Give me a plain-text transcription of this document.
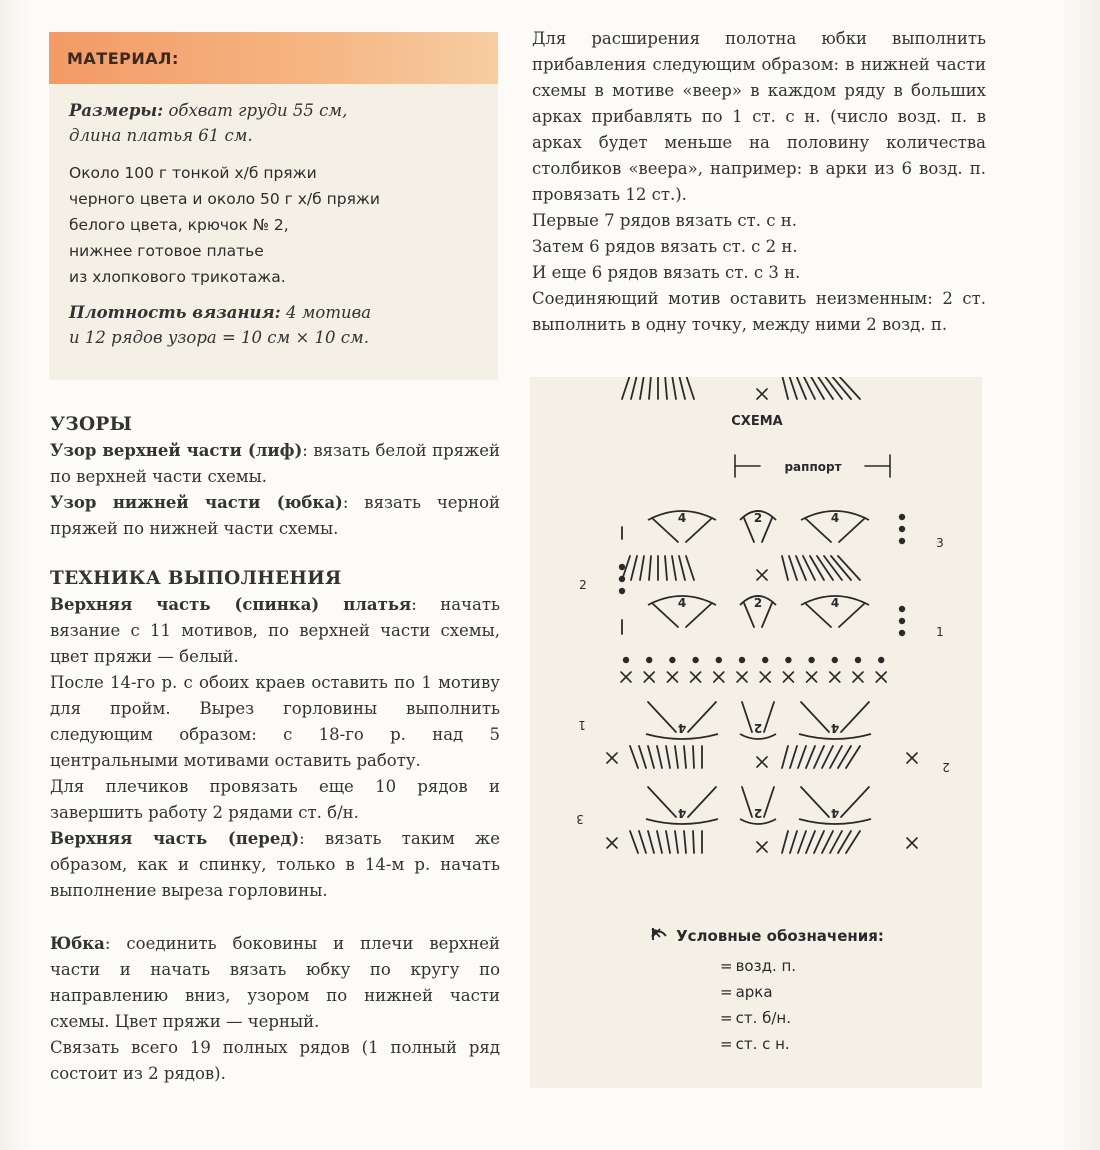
МАТЕРИАЛ:
Размеры: обхват груди 55 см,
длина платья 61 см.
Около 100 г тонкой х/б пряжи
черного цвета и около 50 г х/б пряжи
белого цвета, крючок № 2,
нижнее готовое платье
из хлопкового трикотажа.
Плотность вязания: 4 мотива
и 12 рядов узора = 10 см × 10 см.
УЗОРЫ

Узор верхней части (лиф): вязать белой пряжей по верхней части схемы.

Узор нижней части (юбка): вязать черной пряжей по нижней части схемы.

ТЕХНИКА ВЫПОЛНЕНИЯ

Верхняя часть (спинка) платья: начать вязание с 11 мотивов, по верхней части схемы, цвет пряжи — белый.

После 14-го р. с обоих краев оставить по 1 мотиву для пройм. Вырез горловины выполнить следующим образом: с 18-го р. над 5 центральными мотивами оставить работу.

Для плечиков провязать еще 10 рядов и завершить работу 2 рядами ст. б/н.

Верхняя часть (перед): вязать таким же образом, как и спинку, только в 14-м р. начать выполнение выреза горловины.

Юбка: соединить боковины и плечи верхней части и начать вязать юбку по кругу по направлению вниз, узором по нижней части схемы. Цвет пряжи — черный.

Связать всего 19 полных рядов (1 полный ряд состоит из 2 рядов).

Для расширения полотна юбки выполнить прибавления следующим образом: в нижней части схемы в мотиве «веер» в каждом ряду в больших арках прибавлять по 1 ст. с н. (число возд. п. в арках будет меньше на половину количества столбиков «веера», например: в арки из 6 возд. п. провязать 12 ст.).

Первые 7 рядов вязать ст. с н.

Затем 6 рядов вязать ст. с 2 н.

И еще 6 рядов вязать ст. с 3 н.

Соединяющий мотив оставить неизменным: 2 ст. выполнить в одну точку, между ними 2 возд. п.

СХЕМА
раппорт
4	2	4
4	2	4
3
2
1
4	2	4
4	2	4
1
2
3
Условные обозначения:
= возд. п.
= арка
= ст. б/н.
= ст. с н.
